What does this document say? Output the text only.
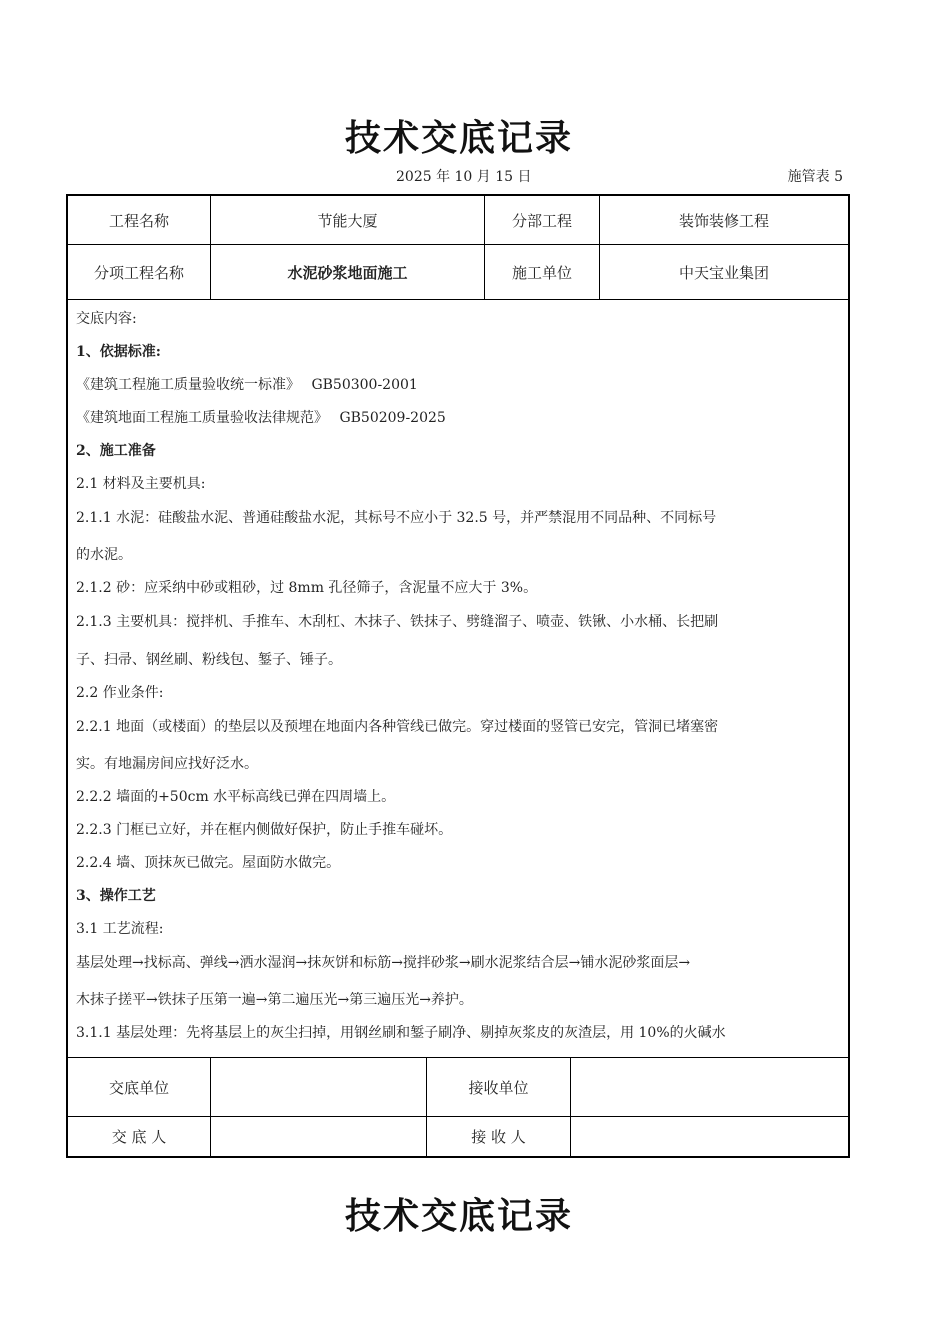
技术交底记录
2025 年 10 月 15 日	施管表 5
工程名称	节能大厦	分部工程	装饰装修工程
分项工程名称	水泥砂浆地面施工	施工单位	中天宝业集团
交底内容:
1、依据标准:
《建筑工程施工质量验收统一标准》　 GB50300-2001
《建筑地面工程施工质量验收法律规范》　 GB50209-2025
2、施工准备
2.1 材料及主要机具:
2.1.1 水泥：硅酸盐水泥、普通硅酸盐水泥，其标号不应小于 32.5 号，并严禁混用不同品种、不同标号
的水泥。
2.1.2 砂：应采纳中砂或粗砂，过 8mm 孔径筛子，含泥量不应大于 3%。
2.1.3 主要机具：搅拌机、手推车、木刮杠、木抹子、铁抹子、劈缝溜子、喷壶、铁锹、小水桶、长把刷
子、扫帚、钢丝刷、粉线包、錾子、锤子。
2.2 作业条件:
2.2.1 地面（或楼面）的垫层以及预埋在地面内各种管线已做完。穿过楼面的竖管已安完，管洞已堵塞密
实。有地漏房间应找好泛水。
2.2.2 墙面的+50cm 水平标高线已弹在四周墙上。
2.2.3 门框已立好，并在框内侧做好保护，防止手推车碰坏。
2.2.4 墙、顶抹灰已做完。屋面防水做完。
3、操作工艺
3.1 工艺流程:
基层处理→找标高、弹线→洒水湿润→抹灰饼和标筋→搅拌砂浆→刷水泥浆结合层→铺水泥砂浆面层→
木抹子搓平→铁抹子压第一遍→第二遍压光→第三遍压光→养护。
3.1.1 基层处理：先将基层上的灰尘扫掉，用钢丝刷和錾子刷净、剔掉灰浆皮的灰渣层，用 10%的火碱水
交底单位	接收单位
交 底 人	接 收 人
技术交底记录
